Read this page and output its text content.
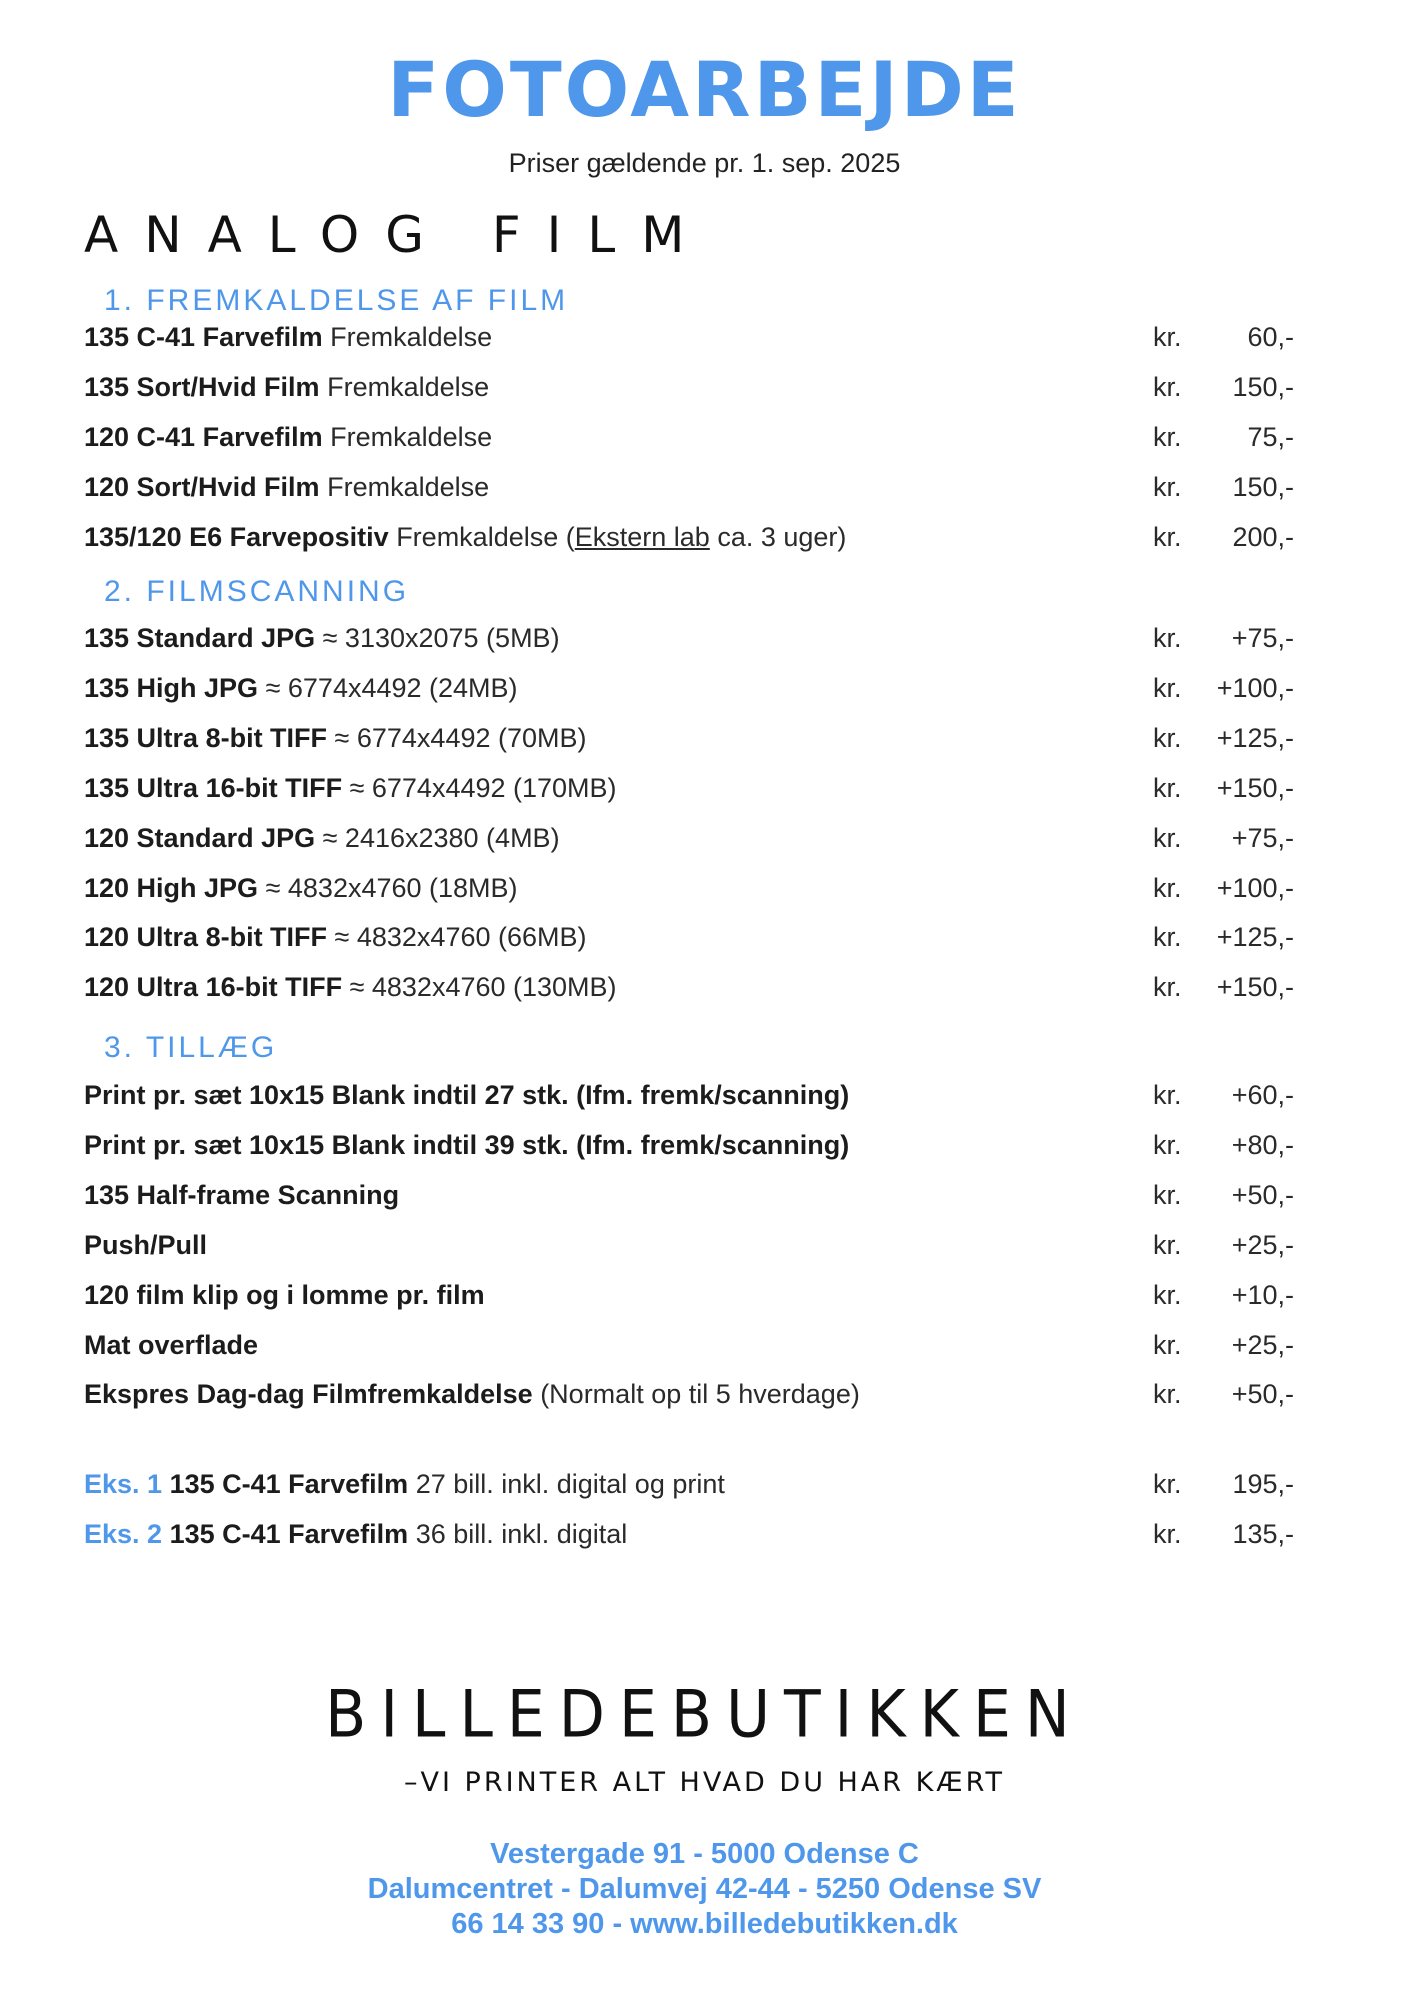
FOTOARBEJDE
Priser gældende pr. 1. sep. 2025
ANALOG FILM
1. FREMKALDELSE AF FILM
135 C-41 Farvefilm Fremkaldelse	kr. 60,-
135 Sort/Hvid Film Fremkaldelse	kr. 150,-
120 C-41 Farvefilm Fremkaldelse	kr. 75,-
120 Sort/Hvid Film Fremkaldelse	kr. 150,-
135/120 E6 Farvepositiv Fremkaldelse (Ekstern lab ca. 3 uger)	kr. 200,-
2. FILMSCANNING
135 Standard JPG ≈ 3130x2075 (5MB)	kr. +75,-
135 High JPG ≈ 6774x4492 (24MB)	kr. +100,-
135 Ultra 8-bit TIFF ≈ 6774x4492 (70MB)	kr. +125,-
135 Ultra 16-bit TIFF ≈ 6774x4492 (170MB)	kr. +150,-
120 Standard JPG ≈ 2416x2380 (4MB)	kr. +75,-
120 High JPG ≈ 4832x4760 (18MB)	kr. +100,-
120 Ultra 8-bit TIFF ≈ 4832x4760 (66MB)	kr. +125,-
120 Ultra 16-bit TIFF ≈ 4832x4760 (130MB)	kr. +150,-
3. TILLÆG
Print pr. sæt 10x15 Blank indtil 27 stk. (Ifm. fremk/scanning)	kr. +60,-
Print pr. sæt 10x15 Blank indtil 39 stk. (Ifm. fremk/scanning)	kr. +80,-
135 Half-frame Scanning	kr. +50,-
Push/Pull	kr. +25,-
120 film klip og i lomme pr. film	kr. +10,-
Mat overflade	kr. +25,-
Ekspres Dag-dag Filmfremkaldelse (Normalt op til 5 hverdage)	kr. +50,-
Eks. 1 135 C-41 Farvefilm 27 bill. inkl. digital og print	kr. 195,-
Eks. 2 135 C-41 Farvefilm 36 bill. inkl. digital	kr. 135,-
BILLEDEBUTIKKEN
–VI PRINTER ALT HVAD DU HAR KÆRT
Vestergade 91 - 5000 Odense C
Dalumcentret - Dalumvej 42-44 - 5250 Odense SV
66 14 33 90 - www.billedebutikken.dk
